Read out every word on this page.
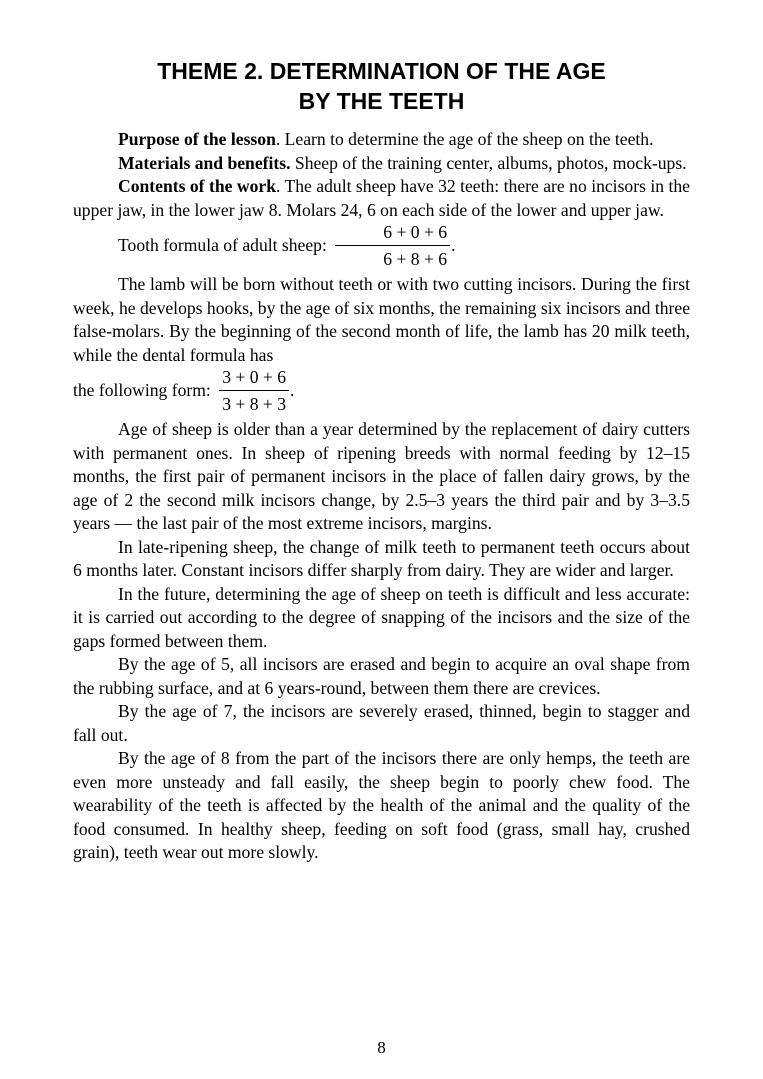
THEME 2. DETERMINATION OF THE AGE
BY THE TEETH

Purpose of the lesson. Learn to determine the age of the sheep on the teeth.

Materials and benefits. Sheep of the training center, albums, photos, mock-ups.

Contents of the work. The adult sheep have 32 teeth: there are no incisors in the upper jaw, in the lower jaw 8. Molars 24, 6 on each side of the lower and upper jaw.

Tooth formula of adult sheep: $\frac{6 + 0 + 6}{6 + 8 + 6}$ .

The lamb will be born without teeth or with two cutting incisors. During the first week, he develops hooks, by the age of six months, the remaining six incisors and three false-molars. By the beginning of the second month of life, the lamb has 20 milk teeth, while the dental formula has

the following form: $\frac{3 + 0 + 6}{3 + 8 + 3}$ .

Age of sheep is older than a year determined by the replacement of dairy cutters with permanent ones. In sheep of ripening breeds with normal feeding by 12–15 months, the first pair of permanent incisors in the place of fallen dairy grows, by the age of 2 the second milk incisors change, by 2.5–3 years the third pair and by 3–3.5 years — the last pair of the most extreme incisors, margins.

In late-ripening sheep, the change of milk teeth to permanent teeth occurs about 6 months later. Constant incisors differ sharply from dairy. They are wider and larger.

In the future, determining the age of sheep on teeth is difficult and less accurate: it is carried out according to the degree of snapping of the incisors and the size of the gaps formed between them.

By the age of 5, all incisors are erased and begin to acquire an oval shape from the rubbing surface, and at 6 years-round, between them there are crevices.

By the age of 7, the incisors are severely erased, thinned, begin to stagger and fall out.

By the age of 8 from the part of the incisors there are only hemps, the teeth are even more unsteady and fall easily, the sheep begin to poorly chew food. The wearability of the teeth is affected by the health of the animal and the quality of the food consumed. In healthy sheep, feeding on soft food (grass, small hay, crushed grain), teeth wear out more slowly.

8
